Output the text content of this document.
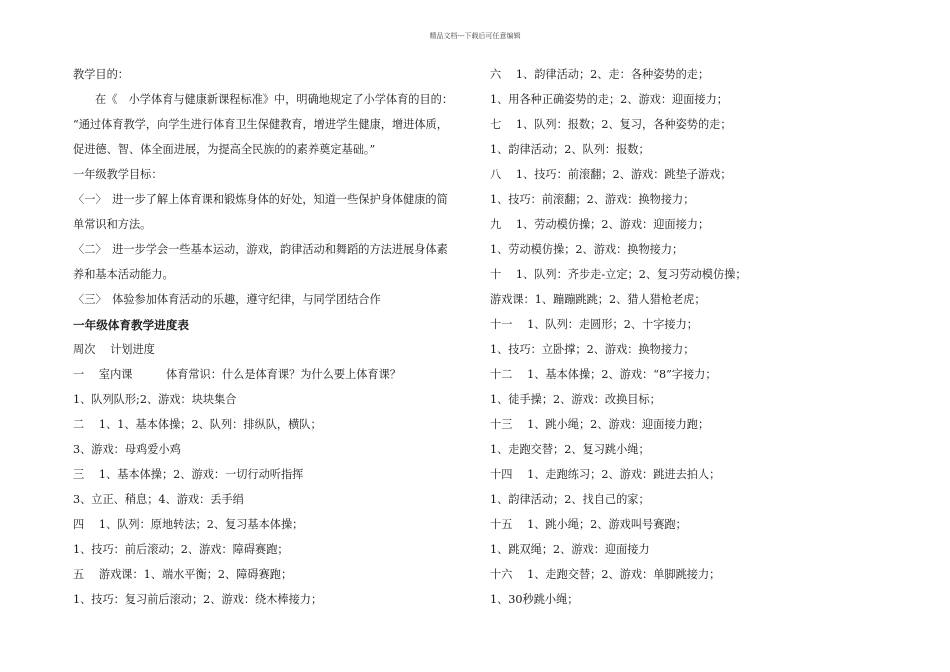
精品文档---下载后可任意编辑
教学目的：
在《　小学体育与健康新课程标准》中，明确地规定了小学体育的目的：
“通过体育教学，向学生进行体育卫生保健教育，增进学生健康，增进体质，
促进德、智、体全面进展，为提高全民族的的素养奠定基础。”
一年级教学目标：
〈一〉　进一步了解上体育课和锻炼身体的好处，知道一些保护身体健康的简
单常识和方法。
〈二〉　进一步学会一些基本运动，游戏，韵律活动和舞蹈的方法进展身体素
养和基本活动能力。
〈三〉　体验参加体育活动的乐趣，遵守纪律，与同学团结合作
一年级体育教学进度表
周次　 计划进度
一　 室内课　　　体育常识：什么是体育课？为什么要上体育课？
1、队列队形;2、游戏：块块集合
二　 1、1、基本体操；2、队列：排纵队，横队；
3、游戏：母鸡爱小鸡
三　 1、基本体操；2、游戏：一切行动听指挥
3、立正、稍息；4、游戏：丢手绢
四　 1、队列：原地转法；2、复习基本体操；
1、技巧：前后滚动；2、游戏：障碍赛跑；
五　 游戏课：1、端水平衡；2、障碍赛跑；
1、技巧：复习前后滚动；2、游戏：绕木棒接力；
六　 1、韵律活动；2、走：各种姿势的走；
1、用各种正确姿势的走；2、游戏：迎面接力；
七　 1、队列：报数；2、复习，各种姿势的走；
1、韵律活动；2、队列：报数；
八　 1、技巧：前滚翻；2、游戏：跳垫子游戏；
1、技巧：前滚翻；2、游戏：换物接力；
九　 1、劳动模仿操；2、游戏：迎面接力；
1、劳动模仿操；2、游戏：换物接力；
十　 1、队列：齐步走-立定；2、复习劳动模仿操；
游戏课：1、蹦蹦跳跳；2、猎人猎枪老虎；
十一　 1、队列：走圆形；2、十字接力；
1、技巧：立卧撑；2、游戏：换物接力；
十二　 1、基本体操；2、游戏：“8”字接力；
1、徒手操；2、游戏：改换目标；
十三　 1、跳小绳；2、游戏：迎面接力跑；
1、走跑交替；2、复习跳小绳；
十四　 1、走跑练习；2、游戏：跳进去拍人；
1、韵律活动；2、找自己的家；
十五　 1、跳小绳；2、游戏叫号赛跑；
1、跳双绳；2、游戏：迎面接力
十六　 1、走跑交替；2、游戏：单脚跳接力；
1、30秒跳小绳；
